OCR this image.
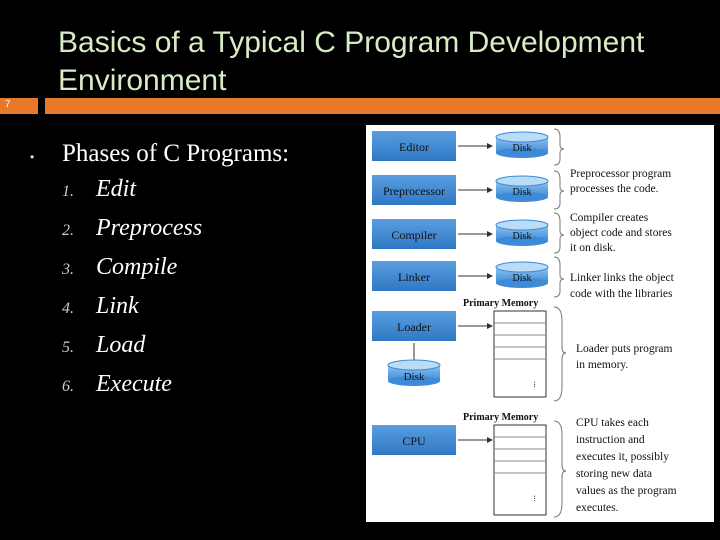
Basics of a Typical C Program Development Environment
7
• Phases of C Programs:
1. Edit
2. Preprocess
3. Compile
4. Link
5. Load
6. Execute
Editor	Disk
Preprocessor	Disk
Compiler	Disk
Linker	Disk
Primary Memory
...
Loader
Disk
Primary Memory
...
CPU
Preprocessor program
processes the code.
Compiler creates
object code and stores
it on disk.
Linker links the object
code with the libraries
Loader puts program
in memory.
CPU takes each
instruction and
executes it, possibly
storing new data
values as the program
executes.
